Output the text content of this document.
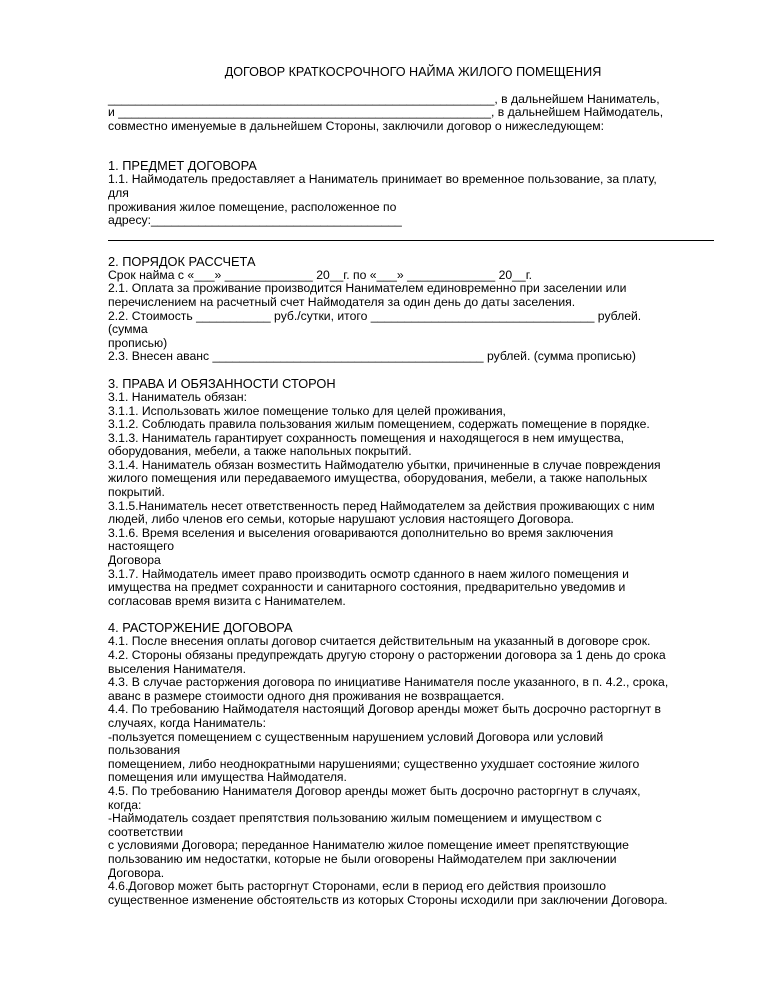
ДОГОВОР КРАТКОСРОЧНОГО НАЙМА ЖИЛОГО ПОМЕЩЕНИЯ
_________________________________________________________, в дальнейшем Наниматель,
и _______________________________________________________, в дальнейшем Наймодатель,
совместно именуемые в дальнейшем Стороны, заключили договор о нижеследующем:
1. ПРЕДМЕТ ДОГОВОРА
1.1. Наймодатель предоставляет а Наниматель принимает во временное пользование, за плату,
для
проживания жилое помещение, расположенное по
адресу:_____________________________________
2. ПОРЯДОК РАССЧЕТА
Срок найма с «___» _____________ 20__г. по «___» _____________ 20__г.
2.1. Оплата за проживание производится Нанимателем единовременно при заселении или
перечислением на расчетный счет Наймодателя за один день до даты заселения.
2.2. Стоимость ___________ руб./сутки, итого _________________________________ рублей.
(сумма
прописью)
2.3. Внесен аванс ________________________________________ рублей. (сумма прописью)
3. ПРАВА И ОБЯЗАННОСТИ СТОРОН
3.1. Наниматель обязан:
3.1.1. Использовать жилое помещение только для целей проживания,
3.1.2. Соблюдать правила пользования жилым помещением, содержать помещение в порядке.
3.1.3. Наниматель гарантирует сохранность помещения и находящегося в нем имущества,
оборудования, мебели, а также напольных покрытий.
3.1.4. Наниматель обязан возместить Наймодателю убытки, причиненные в случае повреждения
жилого помещения или передаваемого имущества, оборудования, мебели, а также напольных
покрытий.
3.1.5.Наниматель несет ответственность перед Наймодателем за действия проживающих с ним
людей, либо членов его семьи, которые нарушают условия настоящего Договора.
3.1.6. Время вселения и выселения оговариваются дополнительно во время заключения
настоящего
Договора
3.1.7. Наймодатель имеет право производить осмотр сданного в наем жилого помещения и
имущества на предмет сохранности и санитарного состояния, предварительно уведомив и
согласовав время визита с Нанимателем.
4. РАСТОРЖЕНИЕ ДОГОВОРА
4.1. После внесения оплаты договор считается действительным на указанный в договоре срок.
4.2. Стороны обязаны предупреждать другую сторону о расторжении договора за 1 день до срока
выселения Нанимателя.
4.3. В случае расторжения договора по инициативе Нанимателя после указанного, в п. 4.2., срока,
аванс в размере стоимости одного дня проживания не возвращается.
4.4. По требованию Наймодателя настоящий Договор аренды может быть досрочно расторгнут в
случаях, когда Наниматель:
-пользуется помещением с существенным нарушением условий Договора или условий
пользования
помещением, либо неоднократными нарушениями; существенно ухудшает состояние жилого
помещения или имущества Наймодателя.
4.5. По требованию Нанимателя Договор аренды может быть досрочно расторгнут в случаях,
когда:
-Наймодатель создает препятствия пользованию жилым помещением и имуществом с
соответствии
с условиями Договора; переданное Нанимателю жилое помещение имеет препятствующие
пользованию им недостатки, которые не были оговорены Наймодателем при заключении
Договора.
4.6.Договор может быть расторгнут Сторонами, если в период его действия произошло
существенное изменение обстоятельств из которых Стороны исходили при заключении Договора.
